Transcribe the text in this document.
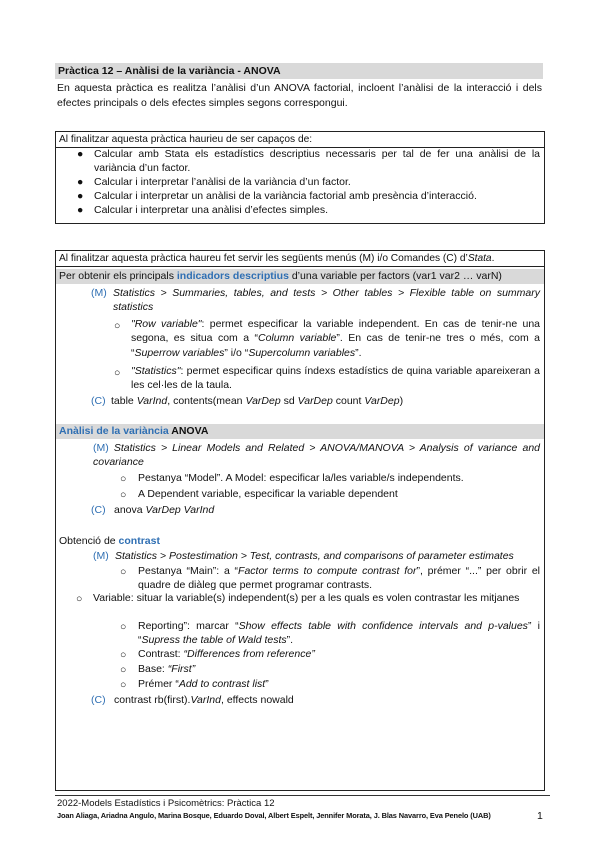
Pràctica 12 – Anàlisi de la variància - ANOVA
En aquesta pràctica es realitza l’anàlisi d’un ANOVA factorial, incloent l’anàlisi de la interacció i dels efectes principals o dels efectes simples segons correspongui.
Al finalitzar aquesta pràctica haurieu de ser capaços de:
● Calcular amb Stata els estadístics descriptius necessaris per tal de fer una anàlisi de la variància d’un factor.
● Calcular i interpretar l’anàlisi de la variància d’un factor.
● Calcular i interpretar un anàlisi de la variància factorial amb presència d’interacció.
● Calcular i interpretar una anàlisi d’efectes simples.
Al finalitzar aquesta pràctica haureu fet servir les següents menús (M) i/o Comandes (C) d’Stata.
Per obtenir els principals indicadors descriptius d’una variable per factors (var1 var2 … varN)
(M) Statistics > Summaries, tables, and tests > Other tables > Flexible table on summary statistics
○ "Row variable": permet especificar la variable independent. En cas de tenir-ne una segona, es situa com a “Column variable”. En cas de tenir-ne tres o més, com a “Superrow variables” i/o “Supercolumn variables”.
○ "Statistics": permet especificar quins índexs estadístics de quina variable apareixeran a les cel·les de la taula.
(C) table VarInd, contents(mean VarDep sd VarDep count VarDep)
Anàlisi de la variància ANOVA
(M) Statistics > Linear Models and Related > ANOVA/MANOVA > Analysis of variance and covariance
○ Pestanya “Model”. A Model: especificar la/les variable/s independents.
○ A Dependent variable, especificar la variable dependent
(C) anova VarDep VarInd
Obtenció de contrast
(M) Statistics > Postestimation > Test, contrasts, and comparisons of parameter estimates
○ Pestanya “Main”: a “Factor terms to compute contrast for”, prémer “...” per obrir el quadre de diàleg que permet programar contrasts.
○ Variable: situar la variable(s) independent(s) per a les quals es volen contrastar les mitjanes
○ Reporting”: marcar “Show effects table with confidence intervals and p-values” i “Supress the table of Wald tests”.
○ Contrast: “Differences from reference”
○ Base: “First”
○ Prémer “Add to contrast list”
(C) contrast rb(first).VarInd, effects nowald
2022-Models Estadístics i Psicomètrics: Pràctica 12
Joan Aliaga, Ariadna Angulo, Marina Bosque, Eduardo Doval, Albert Espelt, Jennifer Morata, J. Blas Navarro, Eva Penelo (UAB)	1
